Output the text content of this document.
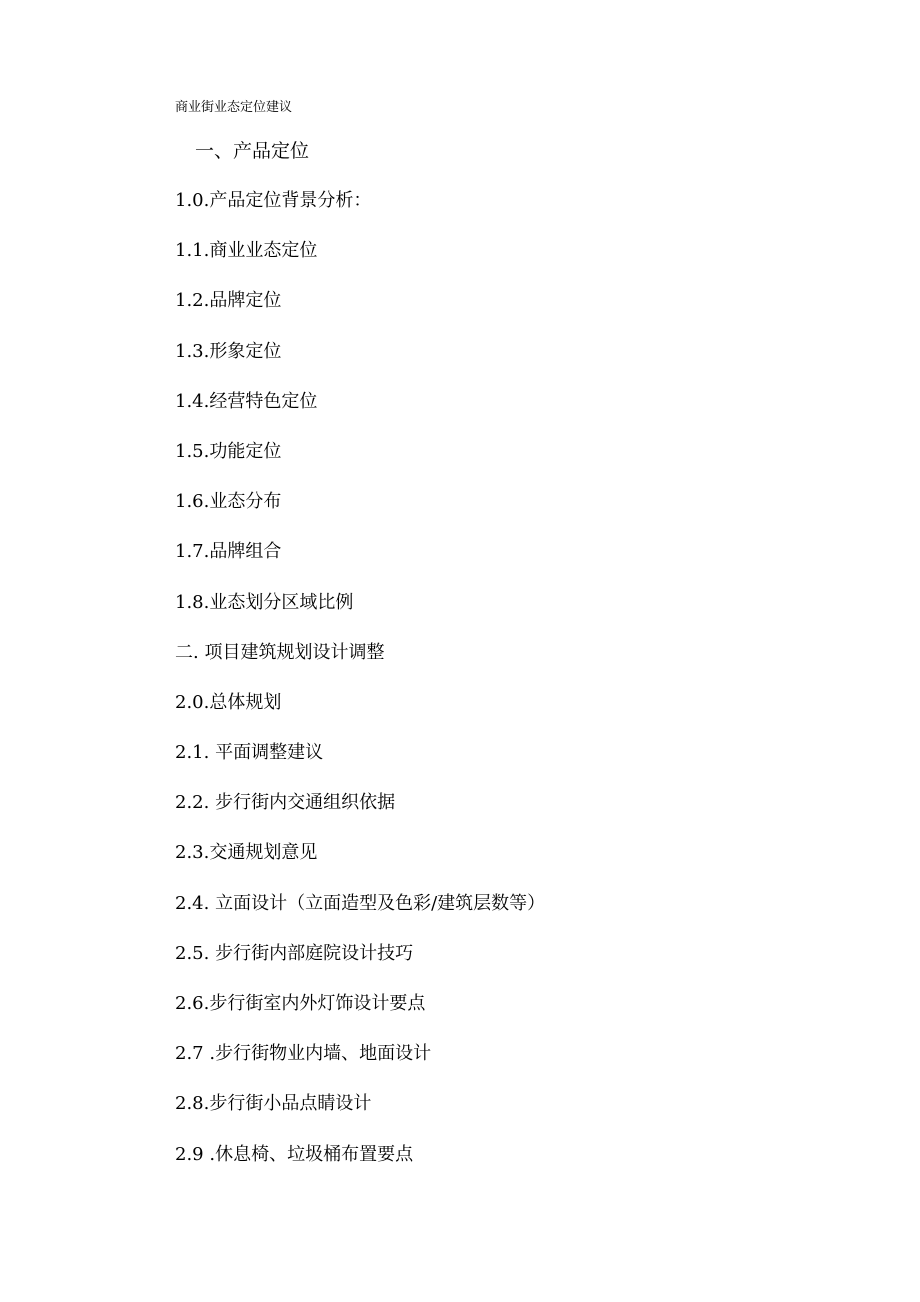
商业街业态定位建议
一、产品定位
1.0.产品定位背景分析：
1.1.商业业态定位
1.2.品牌定位
1.3.形象定位
1.4.经营特色定位
1.5.功能定位
1.6.业态分布
1.7.品牌组合
1.8.业态划分区域比例
二. 项目建筑规划设计调整
2.0.总体规划
2.1. 平面调整建议
2.2. 步行街内交通组织依据
2.3.交通规划意见
2.4. 立面设计（立面造型及色彩/建筑层数等）
2.5. 步行街内部庭院设计技巧
2.6.步行街室内外灯饰设计要点
2.7 .步行街物业内墙、地面设计
2.8.步行街小品点睛设计
2.9 .休息椅、垃圾桶布置要点
